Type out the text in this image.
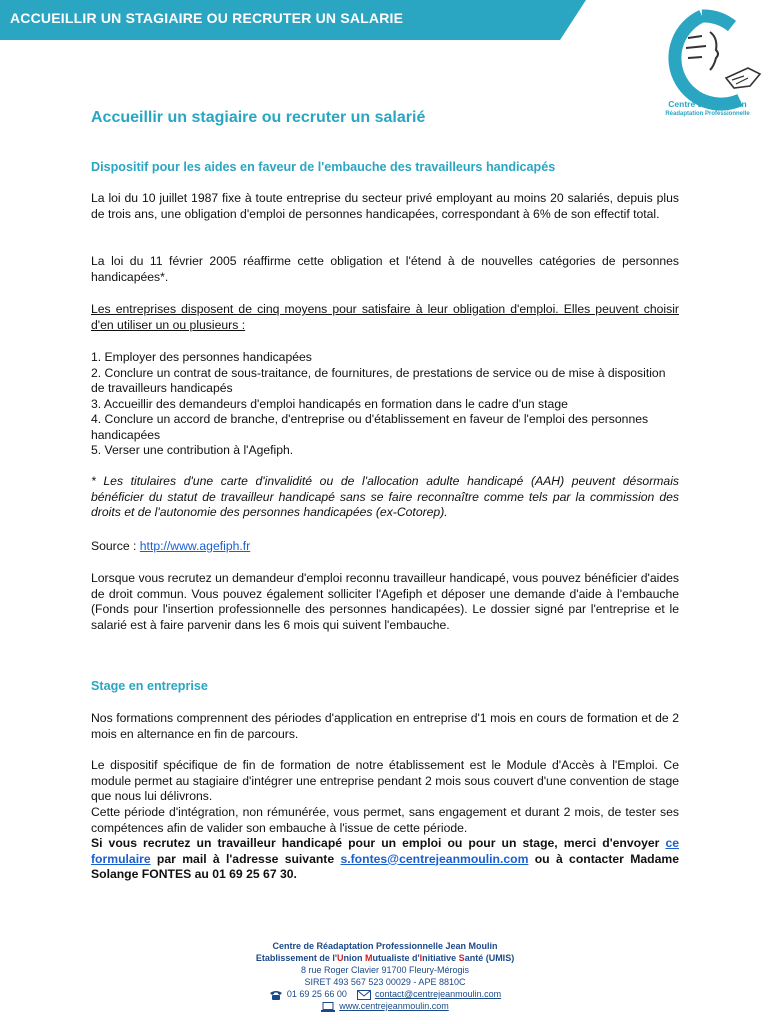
ACCUEILLIR UN STAGIAIRE OU RECRUTER UN SALARIE
Centre Jean Moulin
Réadaptation Professionnelle

Accueillir un stagiaire ou recruter un salarié

Dispositif pour les aides en faveur de l'embauche des travailleurs handicapés

La loi du 10 juillet 1987 fixe à toute entreprise du secteur privé employant au moins 20 salariés, depuis plus de trois ans, une obligation d'emploi de personnes handicapées, correspondant à 6% de son effectif total.

La loi du 11 février 2005 réaffirme cette obligation et l'étend à de nouvelles catégories de personnes handicapées*.

Les entreprises disposent de cinq moyens pour satisfaire à leur obligation d'emploi. Elles peuvent choisir d'en utiliser un ou plusieurs :

1. Employer des personnes handicapées
2. Conclure un contrat de sous-traitance, de fournitures, de prestations de service ou de mise à disposition de travailleurs handicapés
3. Accueillir des demandeurs d'emploi handicapés en formation dans le cadre d'un stage
4. Conclure un accord de branche, d'entreprise ou d'établissement en faveur de l'emploi des personnes handicapées
5. Verser une contribution à l'Agefiph.

* Les titulaires d'une carte d'invalidité ou de l'allocation adulte handicapé (AAH) peuvent désormais bénéficier du statut de travailleur handicapé sans se faire reconnaître comme tels par la commission des droits et de l'autonomie des personnes handicapées (ex-Cotorep).

Source : http://www.agefiph.fr

Lorsque vous recrutez un demandeur d'emploi reconnu travailleur handicapé, vous pouvez bénéficier d'aides de droit commun. Vous pouvez également solliciter l'Agefiph et déposer une demande d'aide à l'embauche (Fonds pour l'insertion professionnelle des personnes handicapées). Le dossier signé par l'entreprise et le salarié est à faire parvenir dans les 6 mois qui suivent l'embauche.

Stage en entreprise

Nos formations comprennent des périodes d'application en entreprise d'1 mois en cours de formation et de 2 mois en alternance en fin de parcours.

Le dispositif spécifique de fin de formation de notre établissement est le Module d'Accès à l'Emploi. Ce module permet au stagiaire d'intégrer une entreprise pendant 2 mois sous couvert d'une convention de stage que nous lui délivrons.

Cette période d'intégration, non rémunérée, vous permet, sans engagement et durant 2 mois, de tester ses compétences afin de valider son embauche à l'issue de cette période.

Si vous recrutez un travailleur handicapé pour un emploi ou pour un stage, merci d'envoyer ce formulaire par mail à l'adresse suivante s.fontes@centrejeanmoulin.com ou à contacter Madame Solange FONTES au 01 69 25 67 30.

Centre de Réadaptation Professionnelle Jean Moulin
Etablissement de l'Union Mutualiste d'Initiative Santé (UMIS)
8 rue Roger Clavier 91700 Fleury-Mérogis
SIRET 493 567 523 00029 - APE 8810C
01 69 25 66 00	contact@centrejeanmoulin.com
www.centrejeanmoulin.com
